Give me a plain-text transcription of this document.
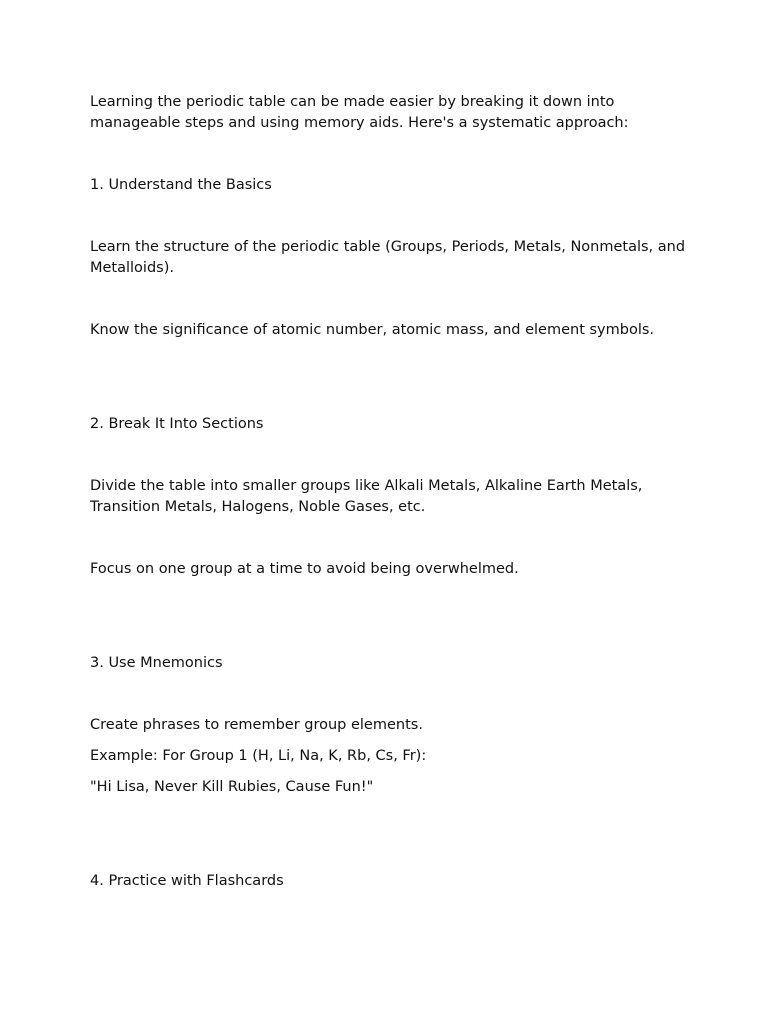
Learning the periodic table can be made easier by breaking it down into manageable steps and using memory aids. Here's a systematic approach:
1. Understand the Basics
Learn the structure of the periodic table (Groups, Periods, Metals, Nonmetals, and Metalloids).
Know the significance of atomic number, atomic mass, and element symbols.
2. Break It Into Sections
Divide the table into smaller groups like Alkali Metals, Alkaline Earth Metals, Transition Metals, Halogens, Noble Gases, etc.
Focus on one group at a time to avoid being overwhelmed.
3. Use Mnemonics
Create phrases to remember group elements.
Example: For Group 1 (H, Li, Na, K, Rb, Cs, Fr):
"Hi Lisa, Never Kill Rubies, Cause Fun!"
4. Practice with Flashcards
